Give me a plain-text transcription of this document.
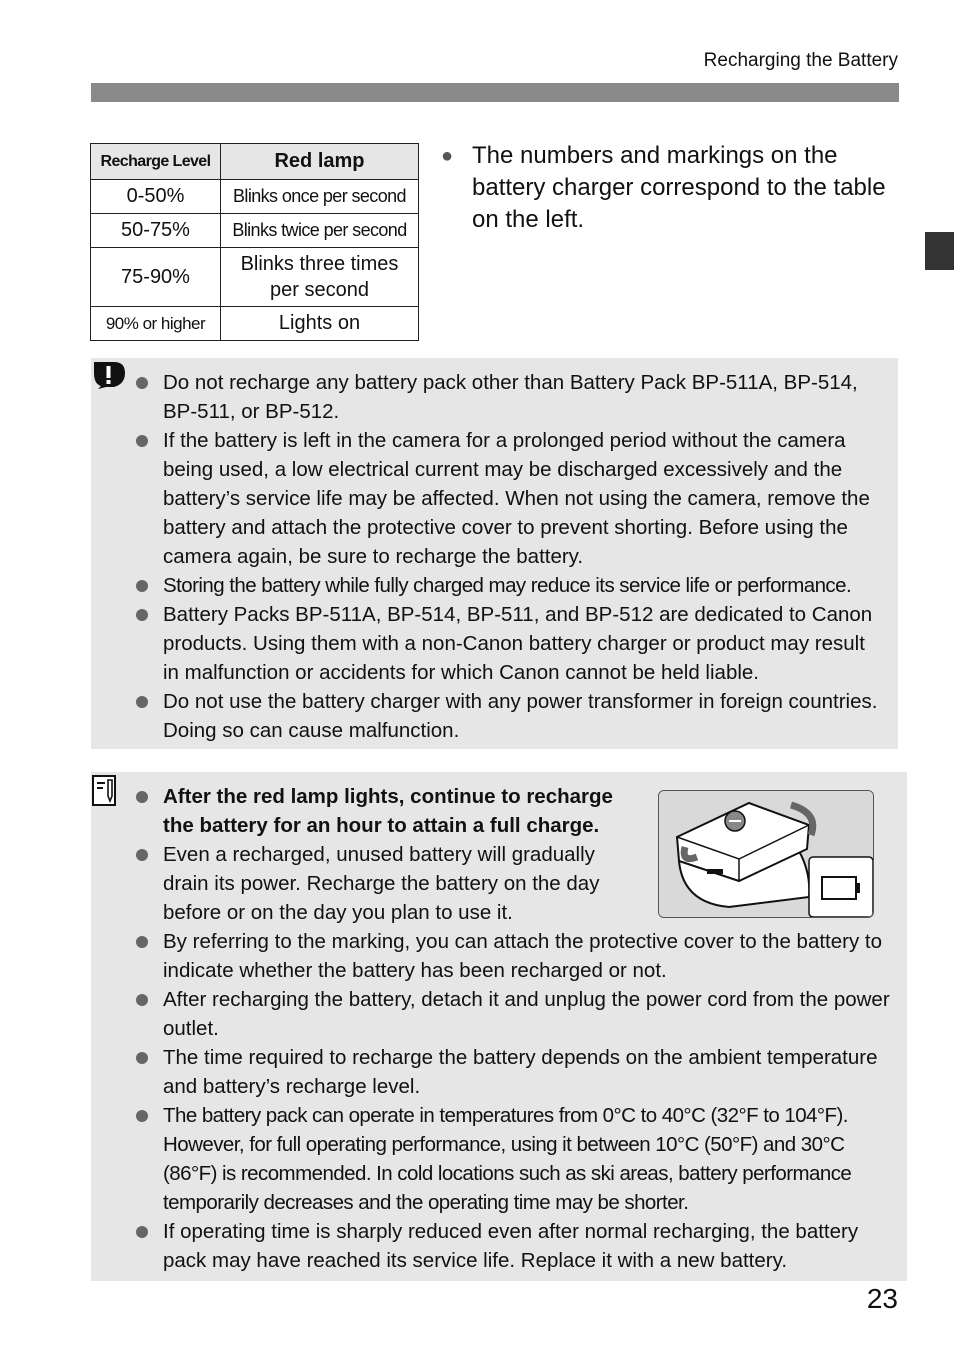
Recharging the Battery
Recharge Level	Red lamp
0-50%	Blinks once per second
50-75%	Blinks twice per second
75-90%	Blinks three times per second
90% or higher	Lights on
● The numbers and markings on the battery charger correspond to the table on the left.
Do not recharge any battery pack other than Battery Pack BP-511A, BP-514, BP-511, or BP-512.
If the battery is left in the camera for a prolonged period without the camera being used, a low electrical current may be discharged excessively and the battery’s service life may be affected. When not using the camera, remove the battery and attach the protective cover to prevent shorting. Before using the camera again, be sure to recharge the battery.
Storing the battery while fully charged may reduce its service life or performance.
Battery Packs BP-511A, BP-514, BP-511, and BP-512 are dedicated to Canon products. Using them with a non-Canon battery charger or product may result in malfunction or accidents for which Canon cannot be held liable.
Do not use the battery charger with any power transformer in foreign countries. Doing so can cause malfunction.
After the red lamp lights, continue to recharge the battery for an hour to attain a full charge.
Even a recharged, unused battery will gradually drain its power. Recharge the battery on the day before or on the day you plan to use it.
By referring to the marking, you can attach the protective cover to the battery to indicate whether the battery has been recharged or not.
After recharging the battery, detach it and unplug the power cord from the power outlet.
The time required to recharge the battery depends on the ambient temperature and battery’s recharge level.
The battery pack can operate in temperatures from 0°C to 40°C (32°F to 104°F). However, for full operating performance, using it between 10°C (50°F) and 30°C (86°F) is recommended. In cold locations such as ski areas, battery performance temporarily decreases and the operating time may be shorter.
If operating time is sharply reduced even after normal recharging, the battery pack may have reached its service life. Replace it with a new battery.
23
